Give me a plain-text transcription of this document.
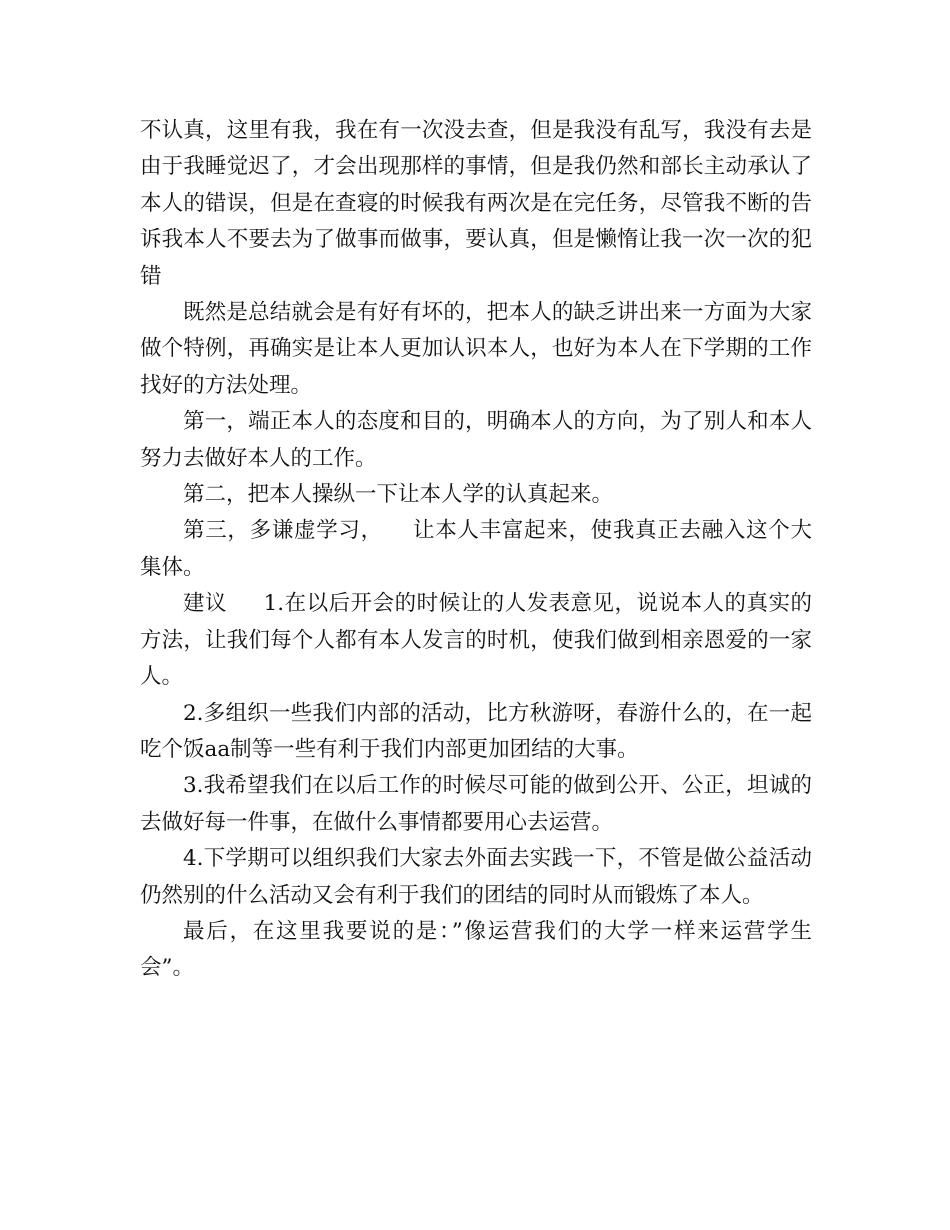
不认真，这里有我，我在有一次没去查，但是我没有乱写，我没有去是由于我睡觉迟了，才会出现那样的事情，但是我仍然和部长主动承认了本人的错误，但是在查寝的时候我有两次是在完任务，尽管我不断的告诉我本人不要去为了做事而做事，要认真，但是懒惰让我一次一次的犯错

既然是总结就会是有好有坏的，把本人的缺乏讲出来一方面为大家做个特例，再确实是让本人更加认识本人，也好为本人在下学期的工作找好的方法处理。

第一，端正本人的态度和目的，明确本人的方向，为了别人和本人努力去做好本人的工作。

第二，把本人操纵一下让本人学的认真起来。

第三，多谦虚学习，    让本人丰富起来，使我真正去融入这个大集体。

建议     1.在以后开会的时候让的人发表意见，说说本人的真实的方法，让我们每个人都有本人发言的时机，使我们做到相亲恩爱的一家人。

2.多组织一些我们内部的活动，比方秋游呀，春游什么的，在一起吃个饭aa制等一些有利于我们内部更加团结的大事。

3.我希望我们在以后工作的时候尽可能的做到公开、公正，坦诚的去做好每一件事，在做什么事情都要用心去运营。

4.下学期可以组织我们大家去外面去实践一下，不管是做公益活动仍然别的什么活动又会有利于我们的团结的同时从而锻炼了本人。

最后，在这里我要说的是：”像运营我们的大学一样来运营学生会”。
